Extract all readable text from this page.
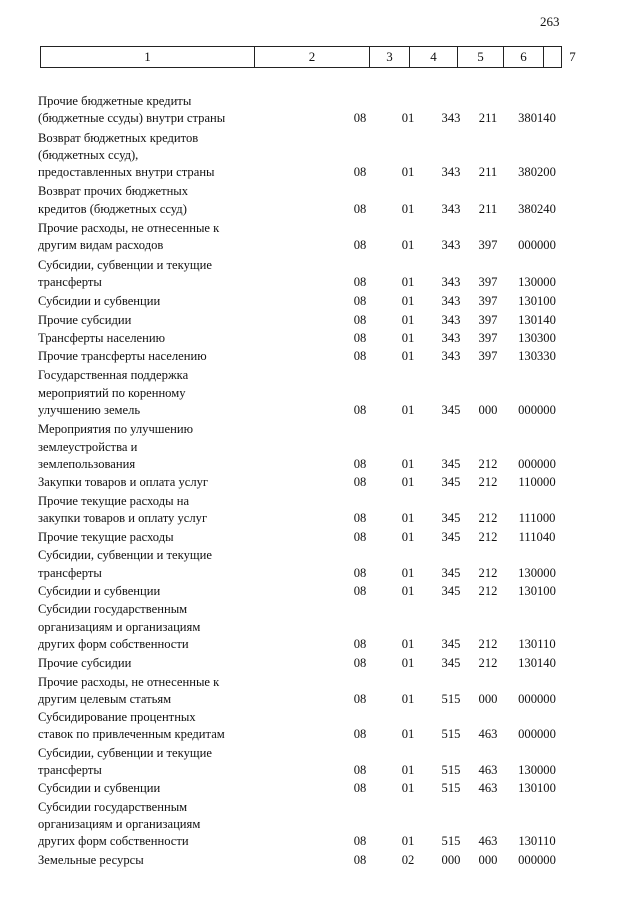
263
1	2	3	4	5	6	7
Прочие бюджетные кредиты
(бюджетные ссуды) внутри страны	08	01	343	211	380140
Возврат бюджетных кредитов
(бюджетных ссуд),
предоставленных внутри страны	08	01	343	211	380200
Возврат прочих бюджетных
кредитов (бюджетных ссуд)	08	01	343	211	380240
Прочие расходы, не отнесенные к
другим видам расходов	08	01	343	397	000000
Субсидии, субвенции и текущие
трансферты	08	01	343	397	130000
Субсидии и субвенции	08	01	343	397	130100
Прочие субсидии	08	01	343	397	130140
Трансферты населению	08	01	343	397	130300
Прочие трансферты населению	08	01	343	397	130330
Государственная поддержка
мероприятий по коренному
улучшению земель	08	01	345	000	000000
Мероприятия по улучшению
землеустройства и
землепользования	08	01	345	212	000000
Закупки товаров и оплата услуг	08	01	345	212	110000
Прочие текущие расходы на
закупки товаров и оплату услуг	08	01	345	212	111000
Прочие текущие расходы	08	01	345	212	111040
Субсидии, субвенции и текущие
трансферты	08	01	345	212	130000
Субсидии и субвенции	08	01	345	212	130100
Субсидии государственным
организациям и организациям
других форм собственности	08	01	345	212	130110
Прочие субсидии	08	01	345	212	130140
Прочие расходы, не отнесенные к
другим целевым статьям	08	01	515	000	000000
Субсидирование процентных
ставок по привлеченным кредитам	08	01	515	463	000000
Субсидии, субвенции и текущие
трансферты	08	01	515	463	130000
Субсидии и субвенции	08	01	515	463	130100
Субсидии государственным
организациям и организациям
других форм собственности	08	01	515	463	130110
Земельные ресурсы	08	02	000	000	000000
